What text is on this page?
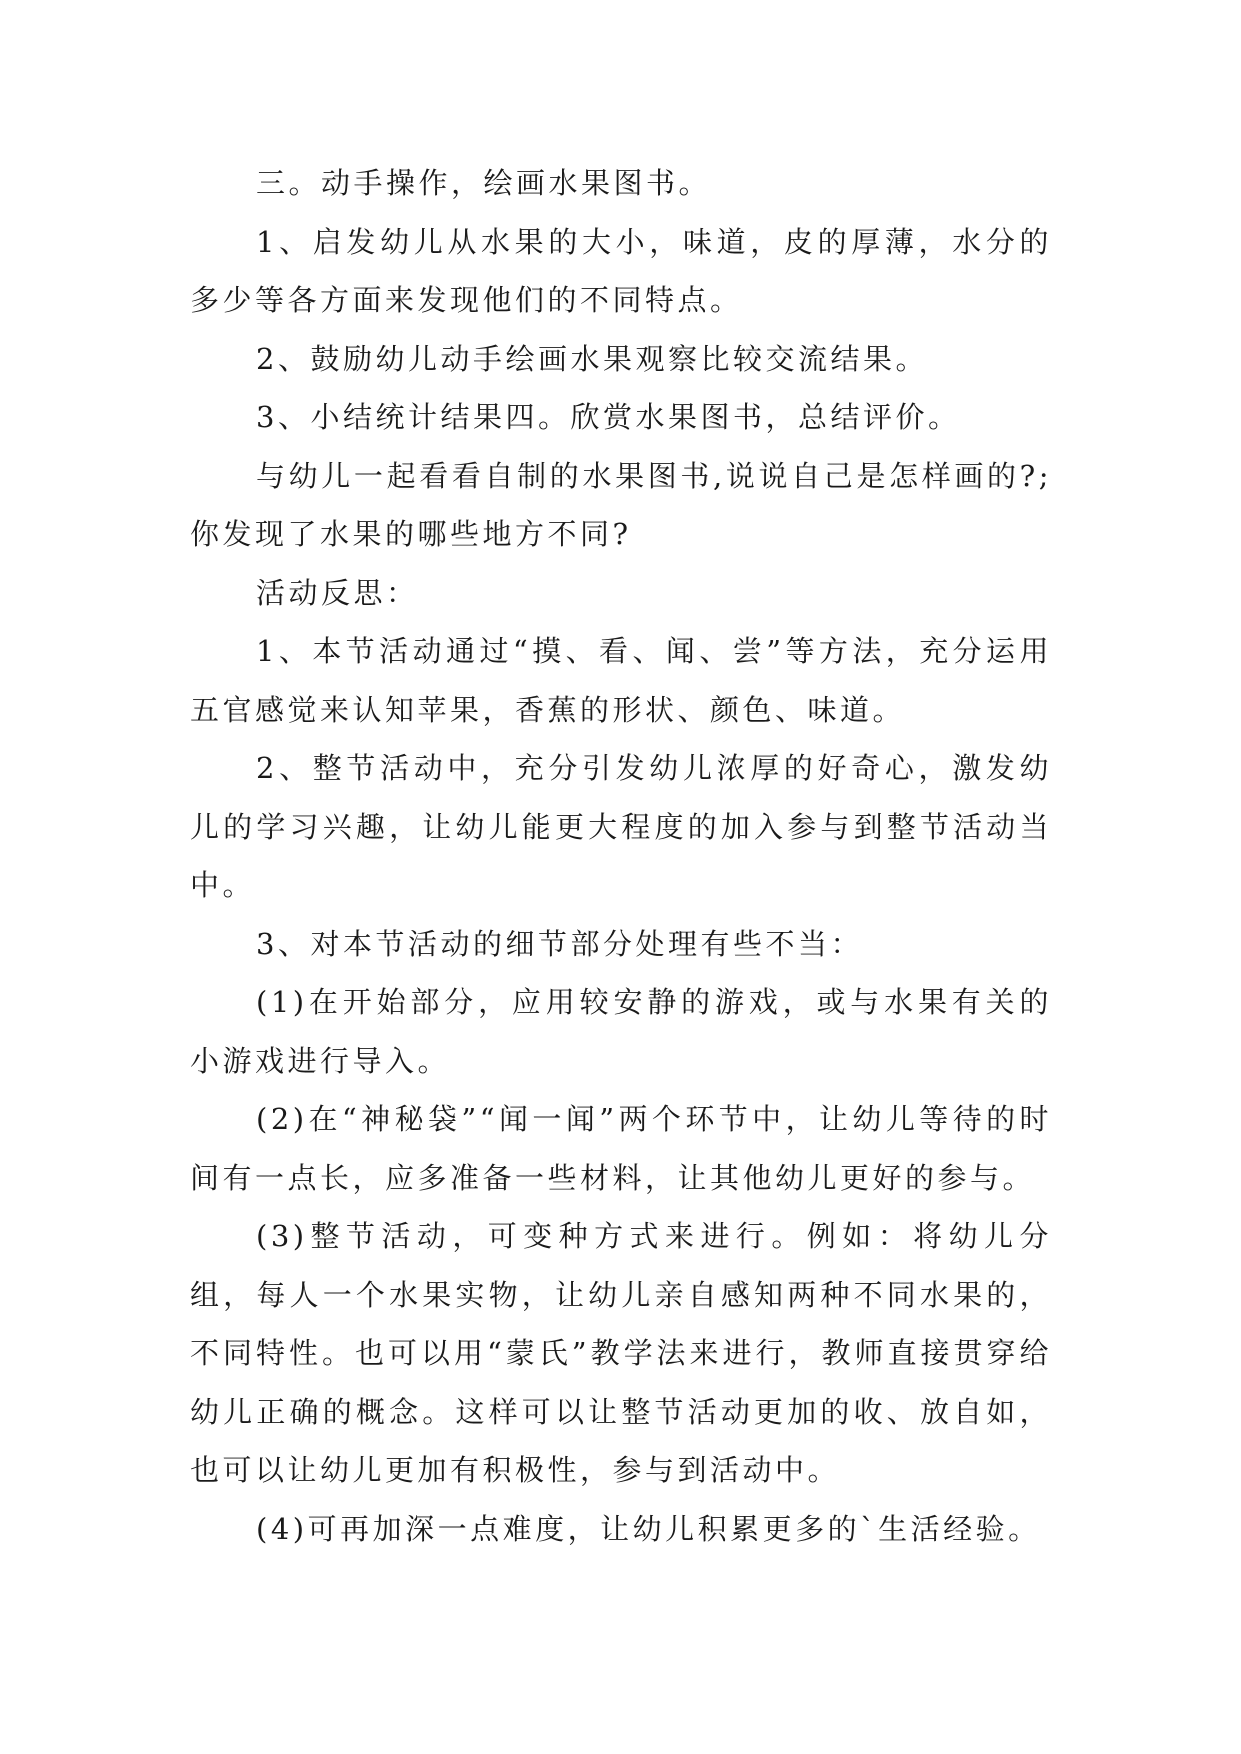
三。动手操作，绘画水果图书。

1、启发幼儿从水果的大小，味道，皮的厚薄，水分的多少等各方面来发现他们的不同特点。

2、鼓励幼儿动手绘画水果观察比较交流结果。

3、小结统计结果四。欣赏水果图书，总结评价。

与幼儿一起看看自制的水果图书,说说自己是怎样画的?;你发现了水果的哪些地方不同?

活动反思：

1、本节活动通过“摸、看、闻、尝”等方法，充分运用五官感觉来认知苹果，香蕉的形状、颜色、味道。

2、整节活动中，充分引发幼儿浓厚的好奇心，激发幼儿的学习兴趣，让幼儿能更大程度的加入参与到整节活动当中。

3、对本节活动的细节部分处理有些不当：

(1)在开始部分，应用较安静的游戏，或与水果有关的小游戏进行导入。

(2)在“神秘袋”“闻一闻”两个环节中，让幼儿等待的时间有一点长，应多准备一些材料，让其他幼儿更好的参与。

(3)整节活动，可变种方式来进行。例如：将幼儿分组，每人一个水果实物，让幼儿亲自感知两种不同水果的，不同特性。也可以用“蒙氏”教学法来进行，教师直接贯穿给幼儿正确的概念。这样可以让整节活动更加的收、放自如，也可以让幼儿更加有积极性，参与到活动中。

(4)可再加深一点难度，让幼儿积累更多的`生活经验。
